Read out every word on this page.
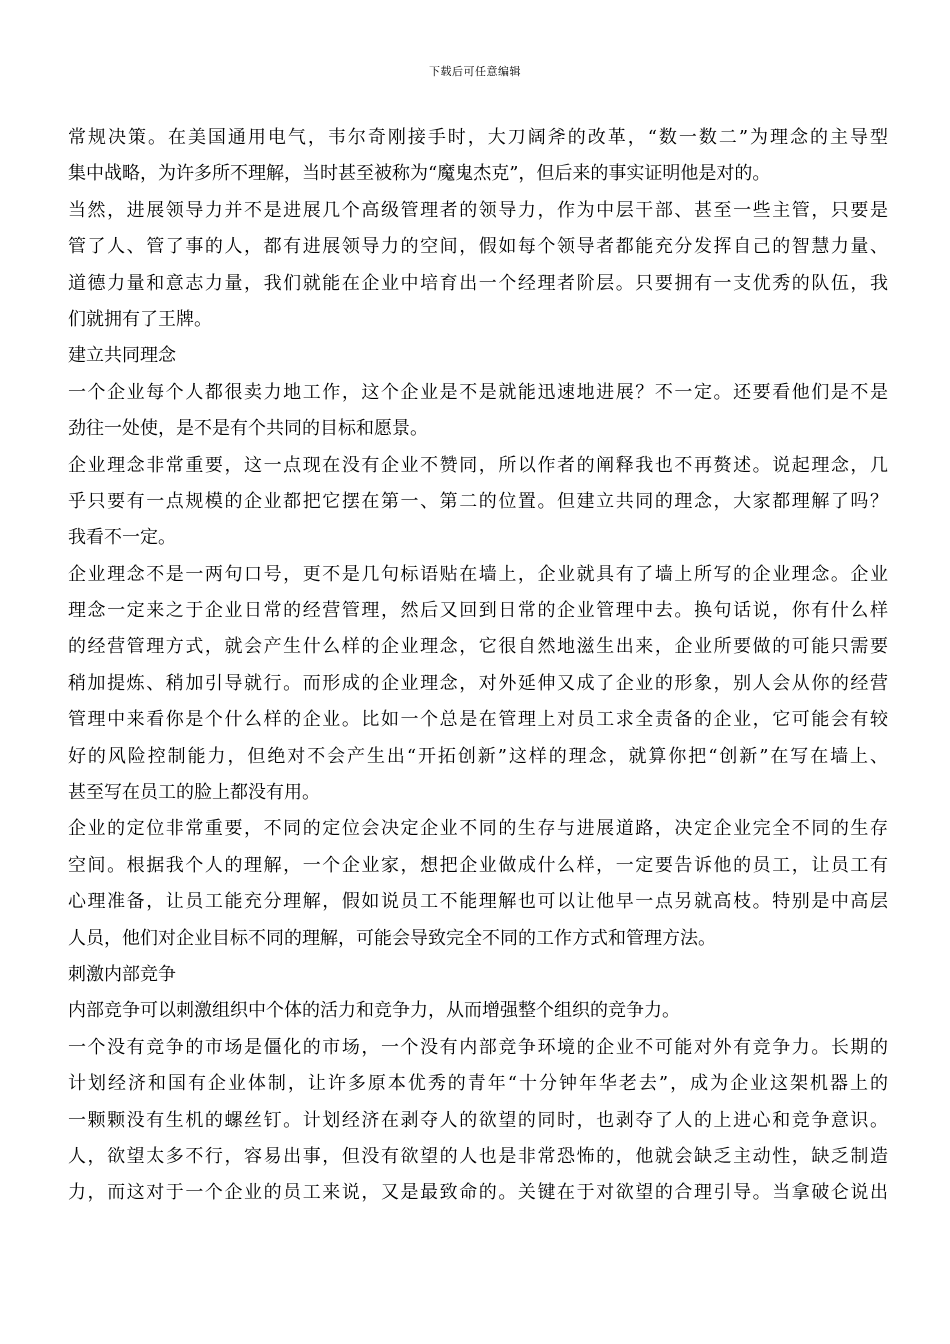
下载后可任意编辑
常规决策。在美国通用电气，韦尔奇刚接手时，大刀阔斧的改革，“数一数二”为理念的主导型
集中战略，为许多所不理解，当时甚至被称为“魔鬼杰克”，但后来的事实证明他是对的。
当然，进展领导力并不是进展几个高级管理者的领导力，作为中层干部、甚至一些主管，只要是
管了人、管了事的人，都有进展领导力的空间，假如每个领导者都能充分发挥自己的智慧力量、
道德力量和意志力量，我们就能在企业中培育出一个经理者阶层。只要拥有一支优秀的队伍，我
们就拥有了王牌。
建立共同理念
一个企业每个人都很卖力地工作，这个企业是不是就能迅速地进展？不一定。还要看他们是不是
劲往一处使，是不是有个共同的目标和愿景。
企业理念非常重要，这一点现在没有企业不赞同，所以作者的阐释我也不再赘述。说起理念，几
乎只要有一点规模的企业都把它摆在第一、第二的位置。但建立共同的理念，大家都理解了吗？
我看不一定。
企业理念不是一两句口号，更不是几句标语贴在墙上，企业就具有了墙上所写的企业理念。企业
理念一定来之于企业日常的经营管理，然后又回到日常的企业管理中去。换句话说，你有什么样
的经营管理方式，就会产生什么样的企业理念，它很自然地滋生出来，企业所要做的可能只需要
稍加提炼、稍加引导就行。而形成的企业理念，对外延伸又成了企业的形象，别人会从你的经营
管理中来看你是个什么样的企业。比如一个总是在管理上对员工求全责备的企业，它可能会有较
好的风险控制能力，但绝对不会产生出“开拓创新”这样的理念，就算你把“创新”在写在墙上、
甚至写在员工的脸上都没有用。
企业的定位非常重要，不同的定位会决定企业不同的生存与进展道路，决定企业完全不同的生存
空间。根据我个人的理解，一个企业家，想把企业做成什么样，一定要告诉他的员工，让员工有
心理准备，让员工能充分理解，假如说员工不能理解也可以让他早一点另就高枝。特别是中高层
人员，他们对企业目标不同的理解，可能会导致完全不同的工作方式和管理方法。
刺激内部竞争
内部竞争可以刺激组织中个体的活力和竞争力，从而增强整个组织的竞争力。
一个没有竞争的市场是僵化的市场，一个没有内部竞争环境的企业不可能对外有竞争力。长期的
计划经济和国有企业体制，让许多原本优秀的青年“十分钟年华老去”，成为企业这架机器上的
一颗颗没有生机的螺丝钉。计划经济在剥夺人的欲望的同时，也剥夺了人的上进心和竞争意识。
人，欲望太多不行，容易出事，但没有欲望的人也是非常恐怖的，他就会缺乏主动性，缺乏制造
力，而这对于一个企业的员工来说，又是最致命的。关键在于对欲望的合理引导。当拿破仑说出
